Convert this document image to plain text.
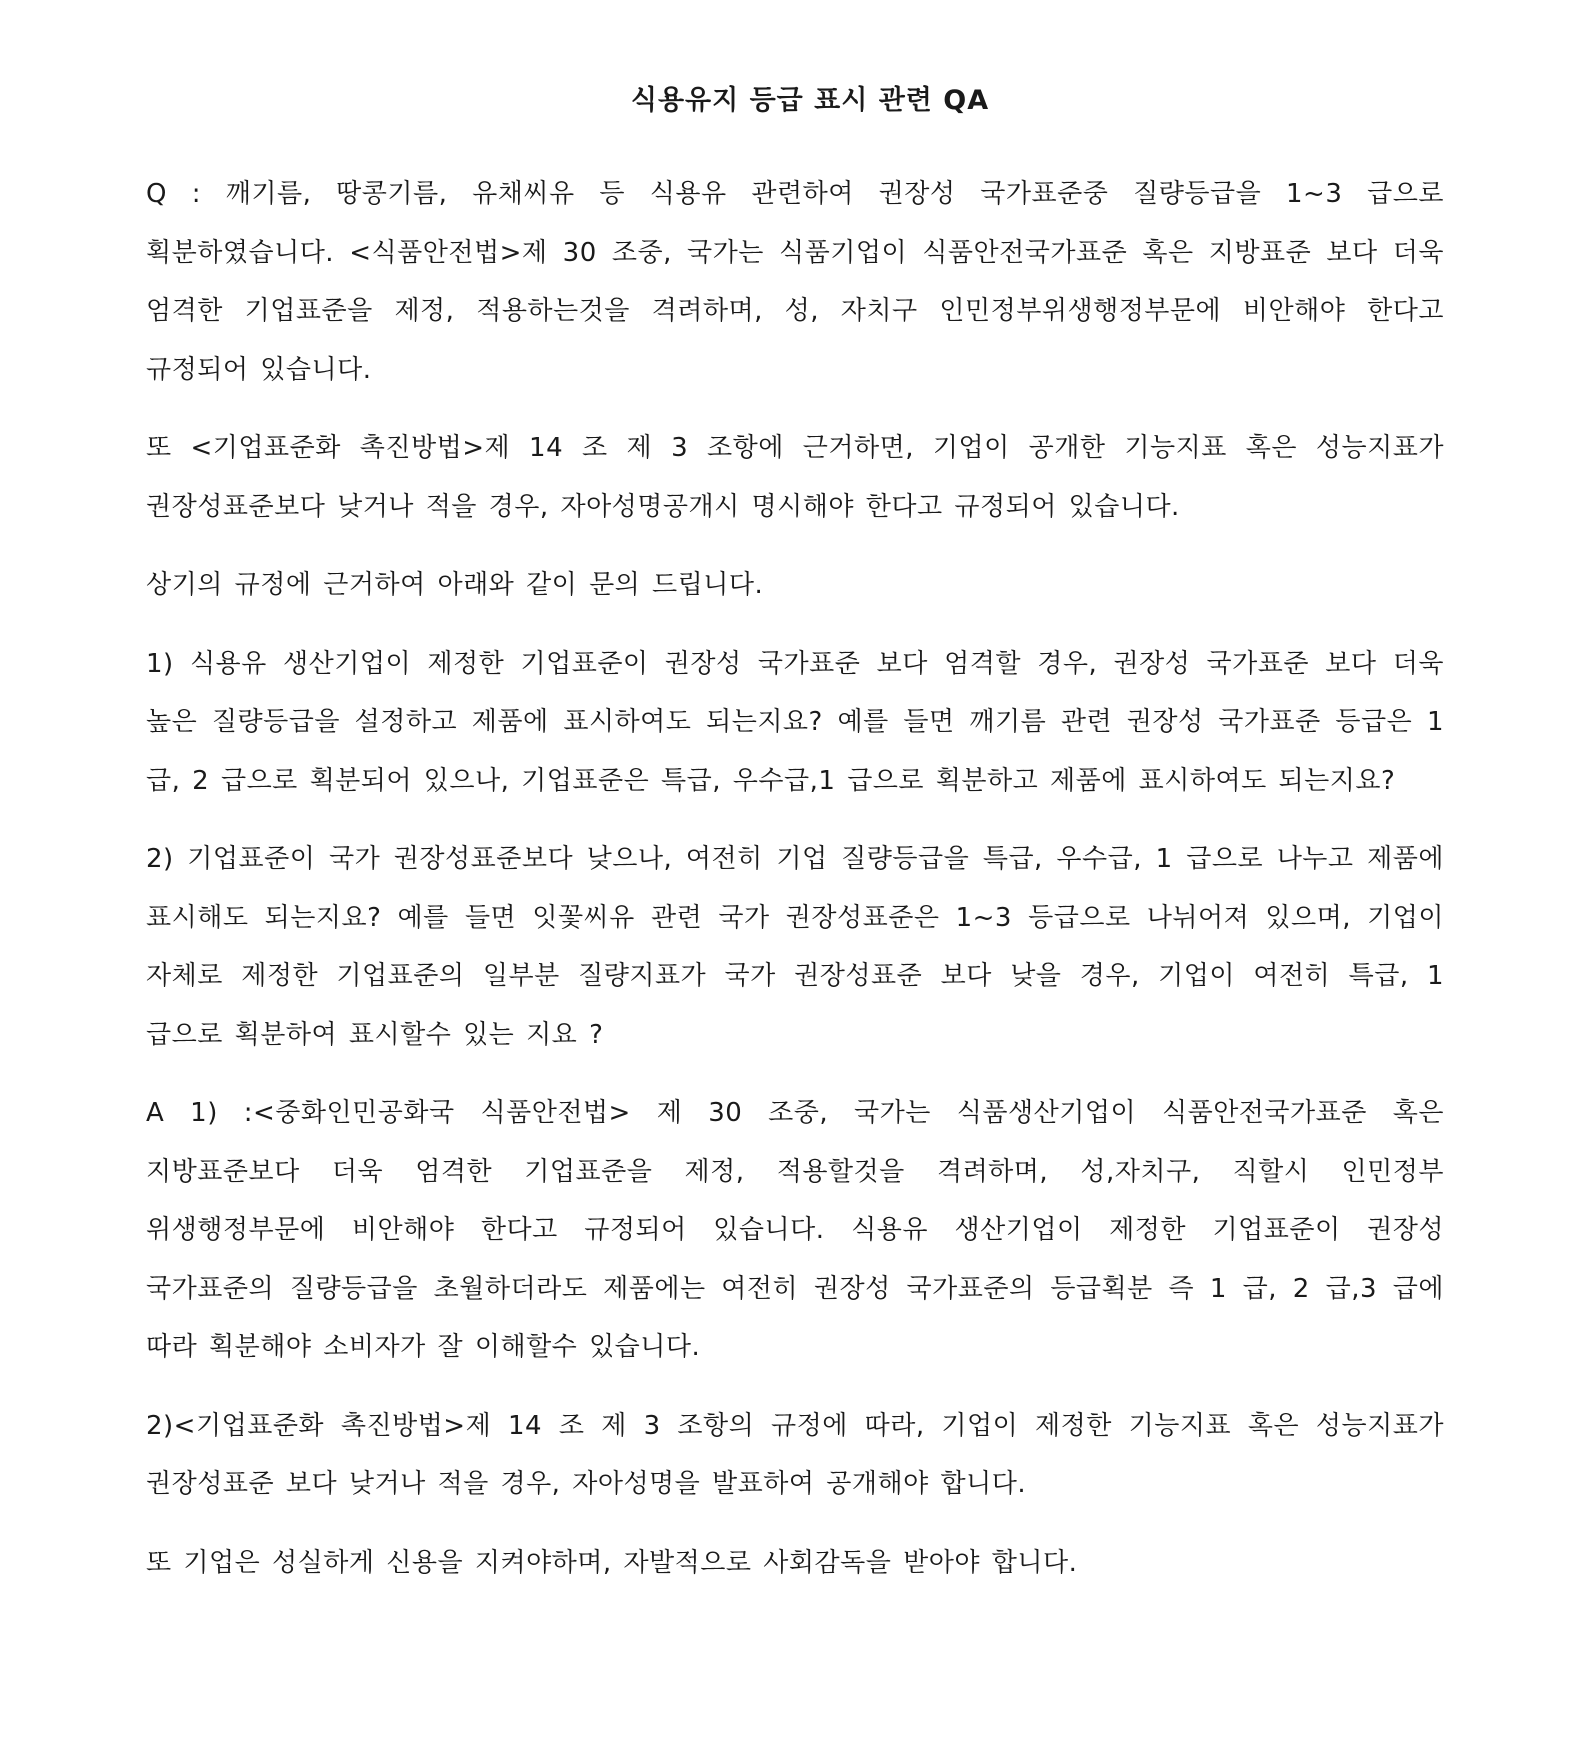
식용유지 등급 표시 관련 QA

Q : 깨기름, 땅콩기름, 유채씨유 등 식용유 관련하여 권장성 국가표준중 질량등급을 1~3 급으로 획분하였습니다. <식품안전법>제 30 조중, 국가는 식품기업이 식품안전국가표준 혹은 지방표준 보다 더욱 엄격한 기업표준을 제정, 적용하는것을 격려하며, 성, 자치구 인민정부위생행정부문에 비안해야 한다고 규정되어 있습니다.

또 <기업표준화 촉진방법>제 14 조 제 3 조항에 근거하면, 기업이 공개한 기능지표 혹은 성능지표가 권장성표준보다 낮거나 적을 경우, 자아성명공개시 명시해야 한다고 규정되어 있습니다.

상기의 규정에 근거하여 아래와 같이 문의 드립니다.

1) 식용유 생산기업이 제정한 기업표준이 권장성 국가표준 보다 엄격할 경우, 권장성 국가표준 보다 더욱 높은 질량등급을 설정하고 제품에 표시하여도 되는지요? 예를 들면 깨기름 관련 권장성 국가표준 등급은 1 급, 2 급으로 획분되어 있으나, 기업표준은 특급, 우수급,1 급으로 획분하고 제품에 표시하여도 되는지요?

2) 기업표준이 국가 권장성표준보다 낮으나, 여전히 기업 질량등급을 특급, 우수급, 1 급으로 나누고 제품에 표시해도 되는지요? 예를 들면 잇꽃씨유 관련 국가 권장성표준은 1~3 등급으로 나뉘어져 있으며, 기업이 자체로 제정한 기업표준의 일부분 질량지표가 국가 권장성표준 보다 낮을 경우, 기업이 여전히 특급, 1 급으로 획분하여 표시할수 있는 지요 ?

A 1) :<중화인민공화국 식품안전법> 제 30 조중, 국가는 식품생산기업이 식품안전국가표준 혹은 지방표준보다 더욱 엄격한 기업표준을 제정, 적용할것을 격려하며, 성,자치구, 직할시 인민정부 위생행정부문에 비안해야 한다고 규정되어 있습니다. 식용유 생산기업이 제정한 기업표준이 권장성 국가표준의 질량등급을 초월하더라도 제품에는 여전히 권장성 국가표준의 등급획분 즉 1 급, 2 급,3 급에 따라 획분해야 소비자가 잘 이해할수 있습니다.

2)<기업표준화 촉진방법>제 14 조 제 3 조항의 규정에 따라, 기업이 제정한 기능지표 혹은 성능지표가 권장성표준 보다 낮거나 적을 경우, 자아성명을 발표하여 공개해야 합니다.

또 기업은 성실하게 신용을 지켜야하며, 자발적으로 사회감독을 받아야 합니다.
